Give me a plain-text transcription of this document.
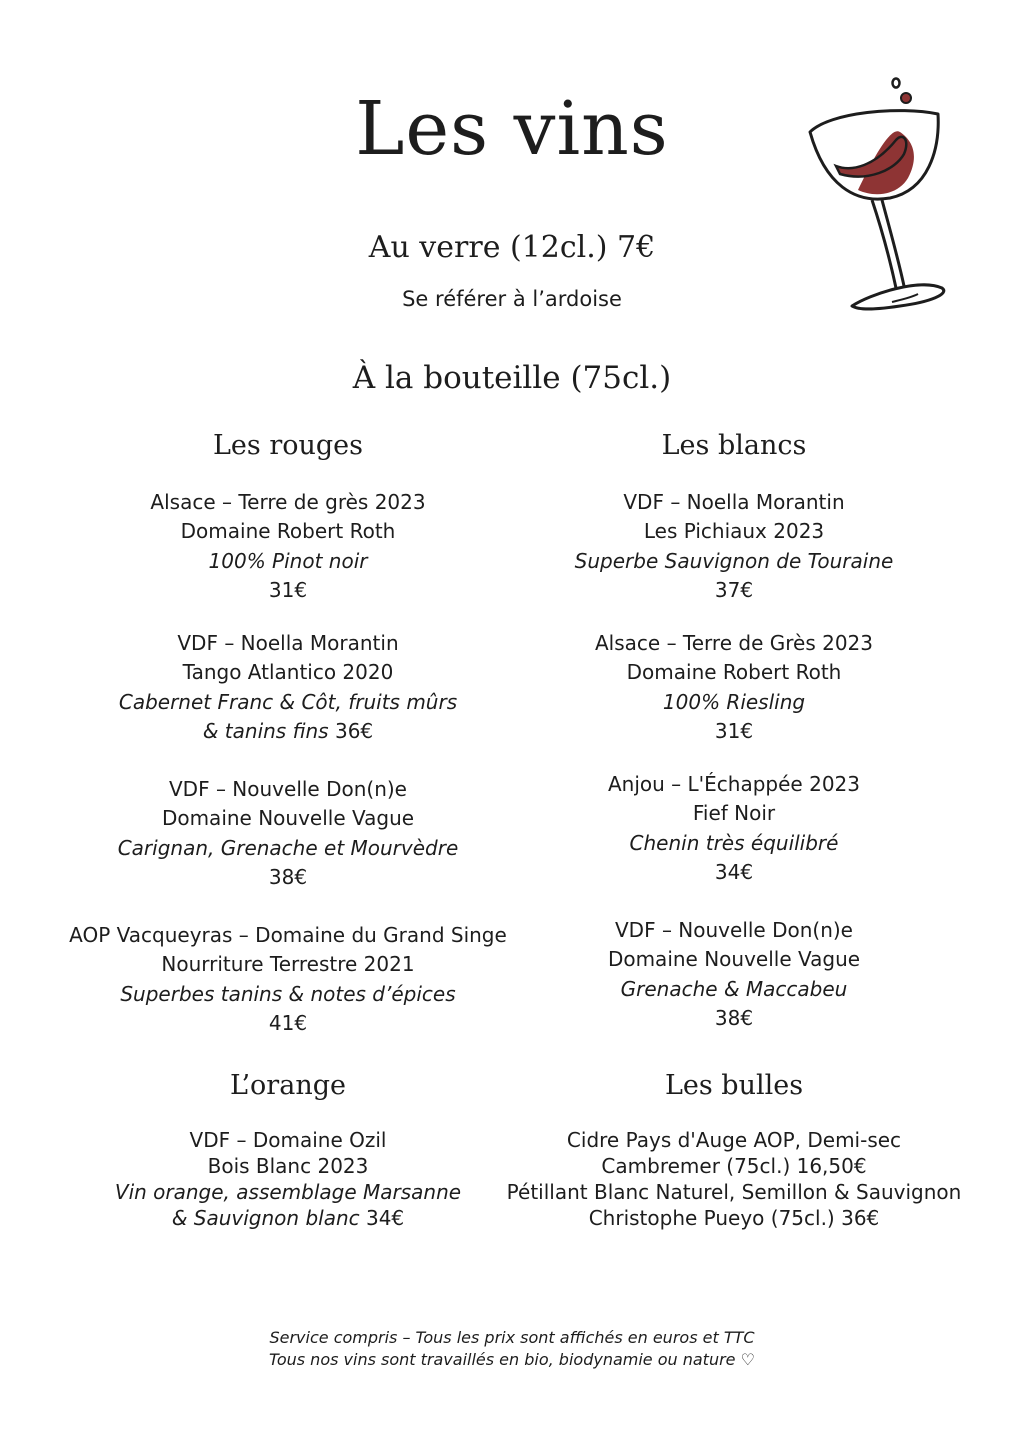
Les vins
Au verre (12cl.) 7€

Se référer à l’ardoise

À la bouteille (75cl.)
Les rouges
Alsace – Terre de grès 2023
Domaine Robert Roth
100% Pinot noir
31€
VDF – Noella Morantin
Tango Atlantico 2020
Cabernet Franc & Côt, fruits mûrs
& tanins fins 36€
VDF – Nouvelle Don(n)e
Domaine Nouvelle Vague
Carignan, Grenache et Mourvèdre
38€
AOP Vacqueyras – Domaine du Grand Singe
Nourriture Terrestre 2021
Superbes tanins & notes d’épices
41€
Les blancs
VDF – Noella Morantin
Les Pichiaux 2023
Superbe Sauvignon de Touraine
37€
Alsace – Terre de Grès 2023
Domaine Robert Roth
100% Riesling
31€
Anjou – L'Échappée 2023
Fief Noir
Chenin très équilibré
34€
VDF – Nouvelle Don(n)e
Domaine Nouvelle Vague
Grenache & Maccabeu
38€
L’orange
VDF – Domaine Ozil
Bois Blanc 2023
Vin orange, assemblage Marsanne
& Sauvignon blanc 34€
Les bulles
Cidre Pays d'Auge AOP, Demi-sec
Cambremer (75cl.) 16,50€
Pétillant Blanc Naturel, Semillon & Sauvignon
Christophe Pueyo (75cl.) 36€
Service compris – Tous les prix sont affichés en euros et TTC
Tous nos vins sont travaillés en bio, biodynamie ou nature ♡
